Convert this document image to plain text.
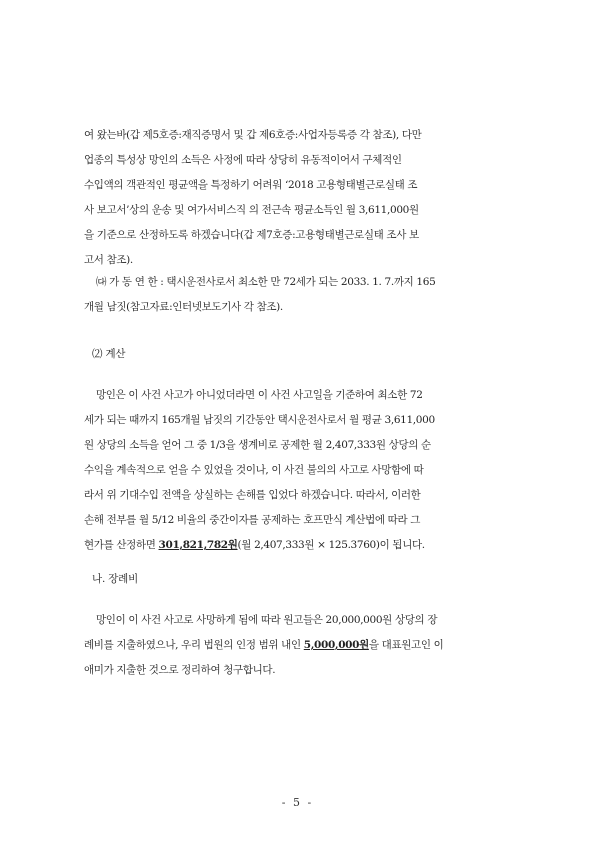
여 왔는바(갑 제5호증:재직증명서 및 갑 제6호증:사업자등록증 각 참조), 다만
업종의 특성상 망인의 소득은 사정에 따라 상당히 유동적이어서 구체적인
수입액의 객관적인 평균액을 특정하기 어려워 ‘2018 고용형태별근로실태 조
사 보고서’상의 운송 및 여가서비스직 의 전근속 평균소득인 월 3,611,000원
을 기준으로 산정하도록 하겠습니다(갑 제7호증:고용형태별근로실태 조사 보
고서 참조).
㈐ 가 동 연 한 : 택시운전사로서 최소한 만 72세가 되는 2033. 1. 7.까지 165
개월 남짓(참고자료:인터넷보도기사 각 참조).
⑵ 계산
망인은 이 사건 사고가 아니었더라면 이 사건 사고일을 기준하여 최소한 72
세가 되는 때까지 165개월 남짓의 기간동안 택시운전사로서 월 평균 3,611,000
원 상당의 소득을 얻어 그 중 1/3을 생계비로 공제한 월 2,407,333원 상당의 순
수익을 계속적으로 얻을 수 있었을 것이나, 이 사건 불의의 사고로 사망함에 따
라서 위 기대수입 전액을 상실하는 손해를 입었다 하겠습니다. 따라서, 이러한
손해 전부를 월 5/12 비율의 중간이자를 공제하는 호프만식 계산법에 따라 그
현가를 산정하면 301,821,782원(월 2,407,333원 × 125.3760)이 됩니다.
나. 장례비
망인이 이 사건 사고로 사망하게 됨에 따라 원고들은 20,000,000원 상당의 장
례비를 지출하였으나, 우리 법원의 인정 범위 내인 5,000,000원을 대표원고인 이
애미가 지출한 것으로 정리하여 청구합니다.
- 5 -
